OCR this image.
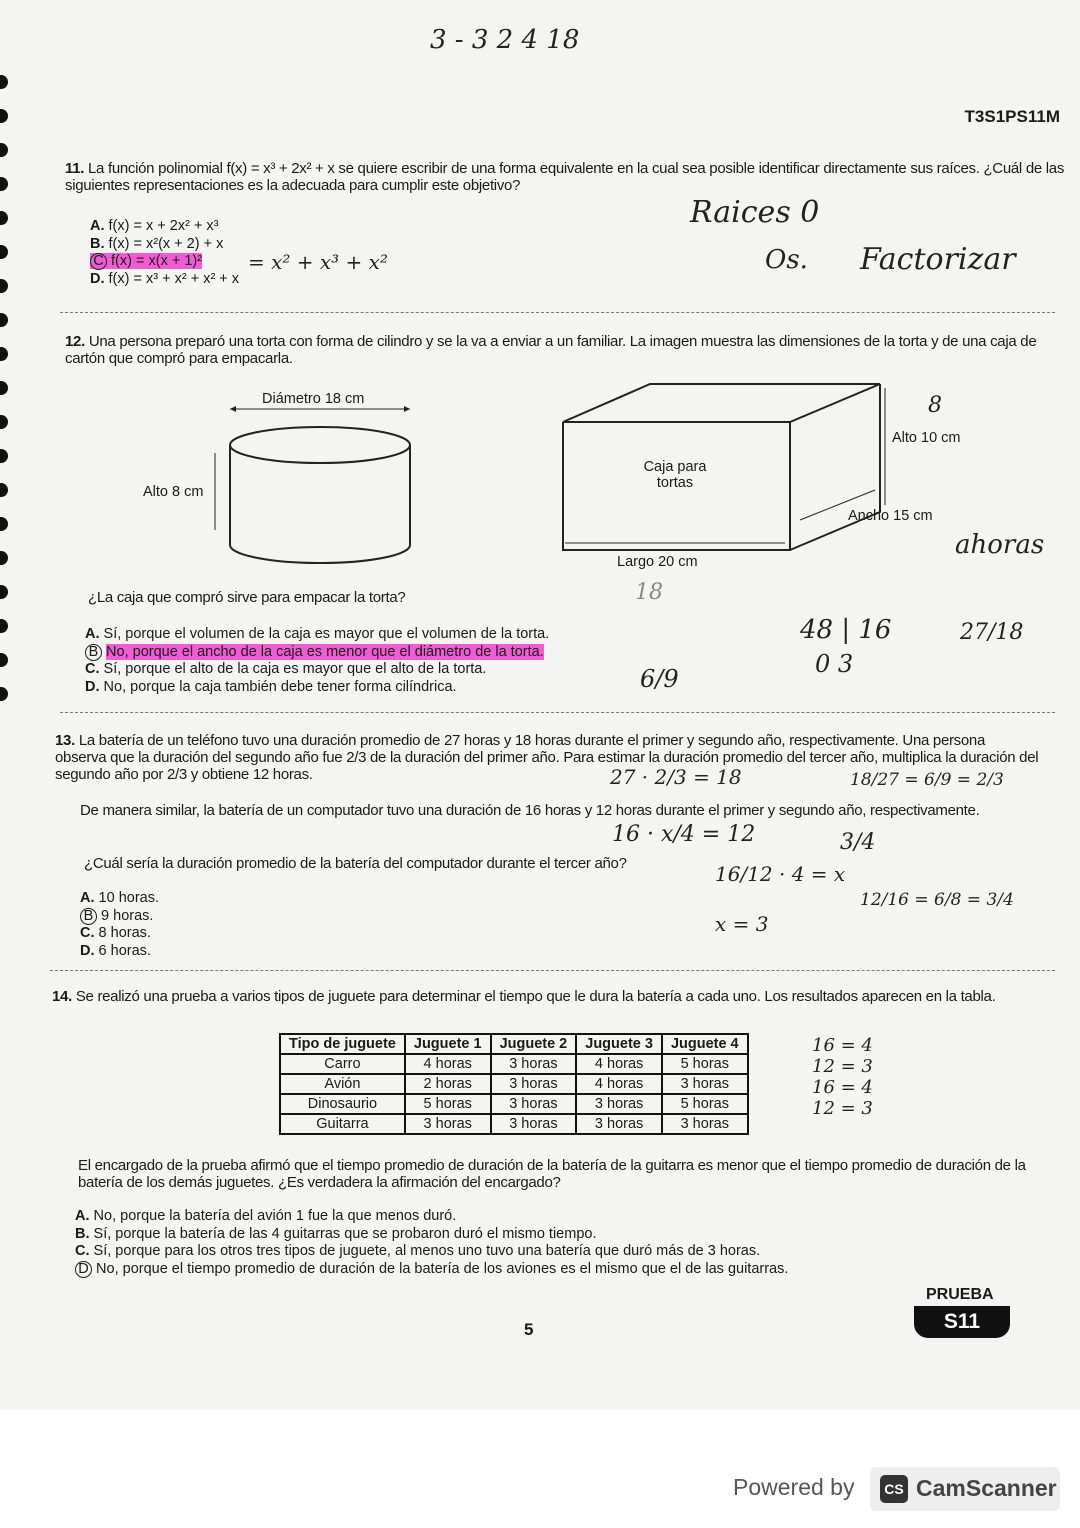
3 - 3 2 4 18
T3S1PS11M
11. La función polinomial f(x) = x³ + 2x² + x se quiere escribir de una forma equivalente en la cual sea posible identificar directamente sus raíces. ¿Cuál de las siguientes representaciones es la adecuada para cumplir este objetivo?
A. f(x) = x + 2x² + x³
B. f(x) = x²(x + 2) + x
C f(x) = x(x + 1)²
D. f(x) = x³ + x² + x² + x
= x² + x³ + x²
Raices 0
Os. Factorizar
12. Una persona preparó una torta con forma de cilindro y se la va a enviar a un familiar. La imagen muestra las dimensiones de la torta y de una caja de cartón que compró para empacarla.
Diámetro 18 cm
Alto 8 cm
Caja para tortas
Alto 10 cm
Ancho 15 cm
Largo 20 cm
8
ahoras
18
¿La caja que compró sirve para empacar la torta?
A. Sí, porque el volumen de la caja es mayor que el volumen de la torta.
B No, porque el ancho de la caja es menor que el diámetro de la torta.
C. Sí, porque el alto de la caja es mayor que el alto de la torta.
D. No, porque la caja también debe tener forma cilíndrica.
48 | 16
0 3
27/18
6/9
13. La batería de un teléfono tuvo una duración promedio de 27 horas y 18 horas durante el primer y segundo año, respectivamente. Una persona observa que la duración del segundo año fue 2/3 de la duración del primer año. Para estimar la duración promedio del tercer año, multiplica la duración del segundo año por 2/3 y obtiene 12 horas.
De manera similar, la batería de un computador tuvo una duración de 16 horas y 12 horas durante el primer y segundo año, respectivamente.
¿Cuál sería la duración promedio de la batería del computador durante el tercer año?
A. 10 horas.
B 9 horas.
C. 8 horas.
D. 6 horas.
27 · 2/3 = 18	18/27 = 6/9 = 2/3
16 · x/4 = 12	3/4
16/12 · 4 = x
x = 3
12/16 = 6/8 = 3/4
14. Se realizó una prueba a varios tipos de juguete para determinar el tiempo que le dura la batería a cada uno. Los resultados aparecen en la tabla.
Tipo de juguete	Juguete 1	Juguete 2	Juguete 3	Juguete 4
Carro	4 horas	3 horas	4 horas	5 horas
Avión	2 horas	3 horas	4 horas	3 horas
Dinosaurio	5 horas	3 horas	3 horas	5 horas
Guitarra	3 horas	3 horas	3 horas	3 horas
16 = 4
12 = 3
16 = 4
12 = 3
El encargado de la prueba afirmó que el tiempo promedio de duración de la batería de la guitarra es menor que el tiempo promedio de duración de la batería de los demás juguetes. ¿Es verdadera la afirmación del encargado?
A. No, porque la batería del avión 1 fue la que menos duró.
B. Sí, porque la batería de las 4 guitarras que se probaron duró el mismo tiempo.
C. Sí, porque para los otros tres tipos de juguete, al menos uno tuvo una batería que duró más de 3 horas.
D No, porque el tiempo promedio de duración de la batería de los aviones es el mismo que el de las guitarras.
5
PRUEBA
S11
Powered by	CS CamScanner
